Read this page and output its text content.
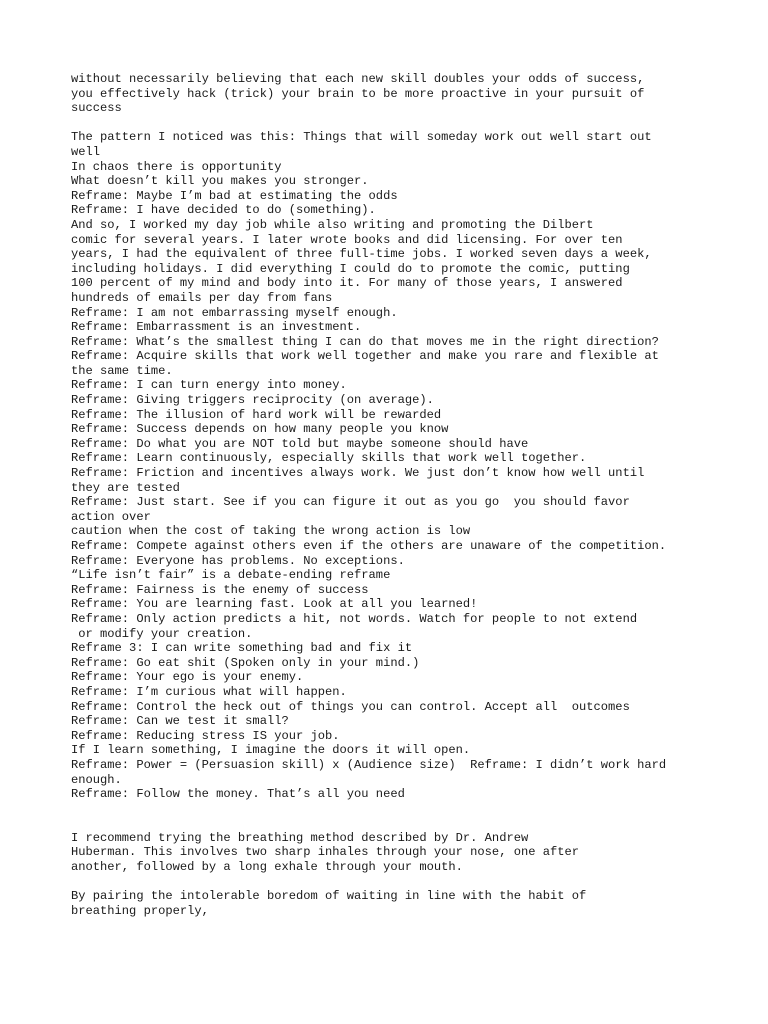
without necessarily believing that each new skill doubles your odds of success,
you effectively hack (trick) your brain to be more proactive in your pursuit of
success
The pattern I noticed was this: Things that will someday work out well start out
well
In chaos there is opportunity
What doesn’t kill you makes you stronger.
Reframe: Maybe I’m bad at estimating the odds
Reframe: I have decided to do (something).
And so, I worked my day job while also writing and promoting the Dilbert
comic for several years. I later wrote books and did licensing. For over ten
years, I had the equivalent of three full-time jobs. I worked seven days a week,
including holidays. I did everything I could do to promote the comic, putting
100 percent of my mind and body into it. For many of those years, I answered
hundreds of emails per day from fans
Reframe: I am not embarrassing myself enough.
Reframe: Embarrassment is an investment.
Reframe: What’s the smallest thing I can do that moves me in the right direction?
Reframe: Acquire skills that work well together and make you rare and flexible at
the same time.
Reframe: I can turn energy into money.
Reframe: Giving triggers reciprocity (on average).
Reframe: The illusion of hard work will be rewarded
Reframe: Success depends on how many people you know
Reframe: Do what you are NOT told but maybe someone should have
Reframe: Learn continuously, especially skills that work well together.
Reframe: Friction and incentives always work. We just don’t know how well until
they are tested
Reframe: Just start. See if you can figure it out as you go  you should favor
action over
caution when the cost of taking the wrong action is low
Reframe: Compete against others even if the others are unaware of the competition.
Reframe: Everyone has problems. No exceptions.
“Life isn’t fair” is a debate-ending reframe
Reframe: Fairness is the enemy of success
Reframe: You are learning fast. Look at all you learned!
Reframe: Only action predicts a hit, not words. Watch for people to not extend
or modify your creation.
Reframe 3: I can write something bad and fix it
Reframe: Go eat shit (Spoken only in your mind.)
Reframe: Your ego is your enemy.
Reframe: I’m curious what will happen.
Reframe: Control the heck out of things you can control. Accept all  outcomes
Reframe: Can we test it small?
Reframe: Reducing stress IS your job.
If I learn something, I imagine the doors it will open.
Reframe: Power = (Persuasion skill) x (Audience size)  Reframe: I didn’t work hard
enough.
Reframe: Follow the money. That’s all you need
I recommend trying the breathing method described by Dr. Andrew
Huberman. This involves two sharp inhales through your nose, one after
another, followed by a long exhale through your mouth.
By pairing the intolerable boredom of waiting in line with the habit of
breathing properly,
